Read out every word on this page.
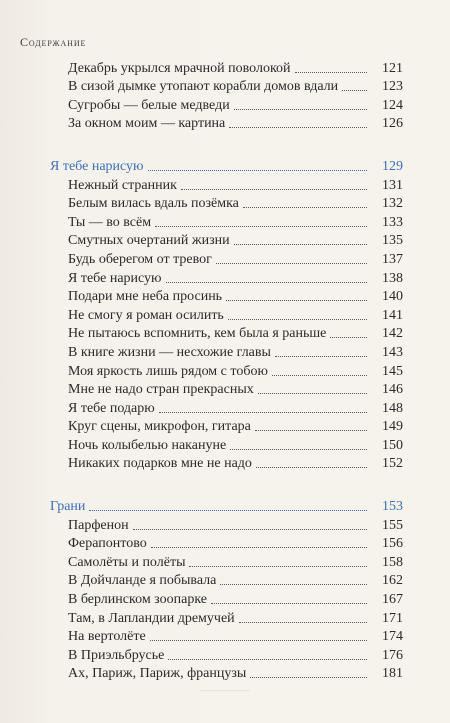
Содержание
Декабрь укрылся мрачной поволокой	121
В сизой дымке утопают корабли домов вдали	123
Сугробы — белые медведи	124
За окном моим — картина	126
Я тебе нарисую	129
Нежный странник	131
Белым вилась вдаль позёмка	132
Ты — во всём	133
Смутных очертаний жизни	135
Будь оберегом от тревог	137
Я тебе нарисую	138
Подари мне неба просинь	140
Не смогу я роман осилить	141
Не пытаюсь вспомнить, кем была я раньше	142
В книге жизни — несхожие главы	143
Моя яркость лишь рядом с тобою	145
Мне не надо стран прекрасных	146
Я тебе подарю	148
Круг сцены, микрофон, гитара	149
Ночь колыбелью накануне	150
Никаких подарков мне не надо	152
Грани	153
Парфенон	155
Ферапонтово	156
Самолёты и полёты	158
В Дойчланде я побывала	162
В берлинском зоопарке	167
Там, в Лапландии дремучей	171
На вертолёте	174
В Приэльбрусье	176
Ах, Париж, Париж, французы	181
